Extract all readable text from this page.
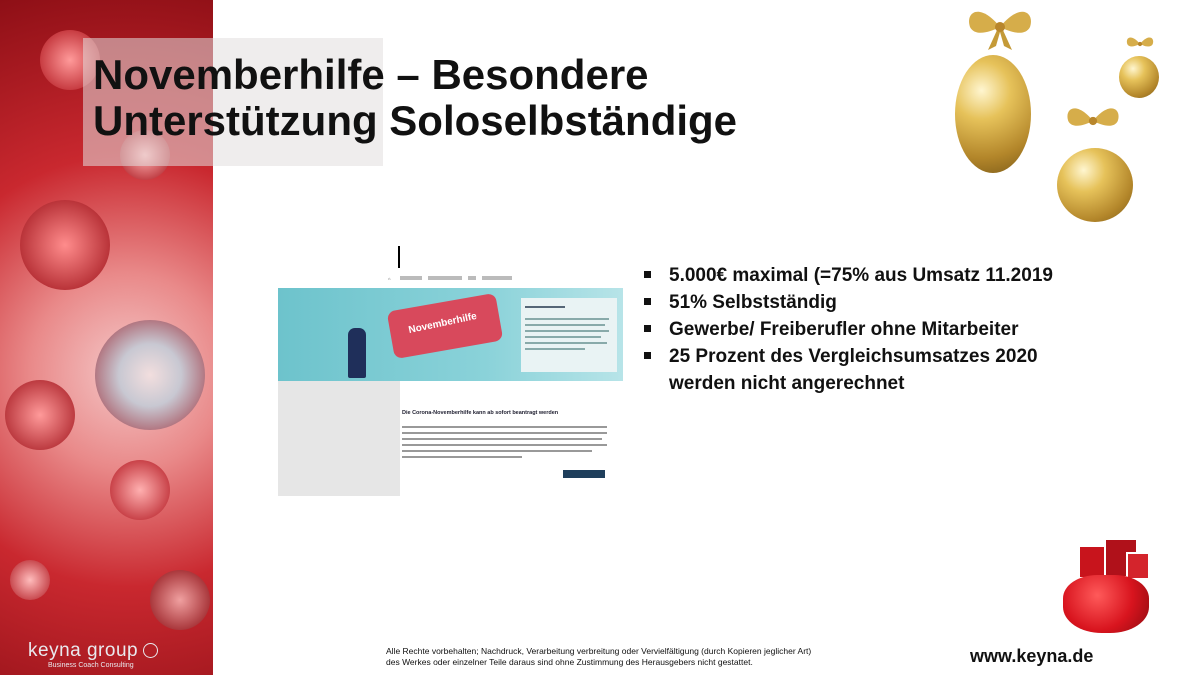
keyna group
Business Coach Consulting
Novemberhilfe – Besondere
Unterstützung Soloselbständige
⌂
Novemberhilfe
Die Corona-Novemberhilfe kann ab sofort beantragt werden
5.000€ maximal (=75% aus Umsatz 11.2019
51% Selbstständig
Gewerbe/ Freiberufler ohne Mitarbeiter
25 Prozent des Vergleichsumsatzes 2020 werden nicht angerechnet
Alle Rechte vorbehalten; Nachdruck, Verarbeitung verbreitung oder Vervielfältigung (durch Kopieren jeglicher Art)
des Werkes oder einzelner Teile daraus sind ohne Zustimmung des Herausgebers nicht gestattet.	www.keyna.de
